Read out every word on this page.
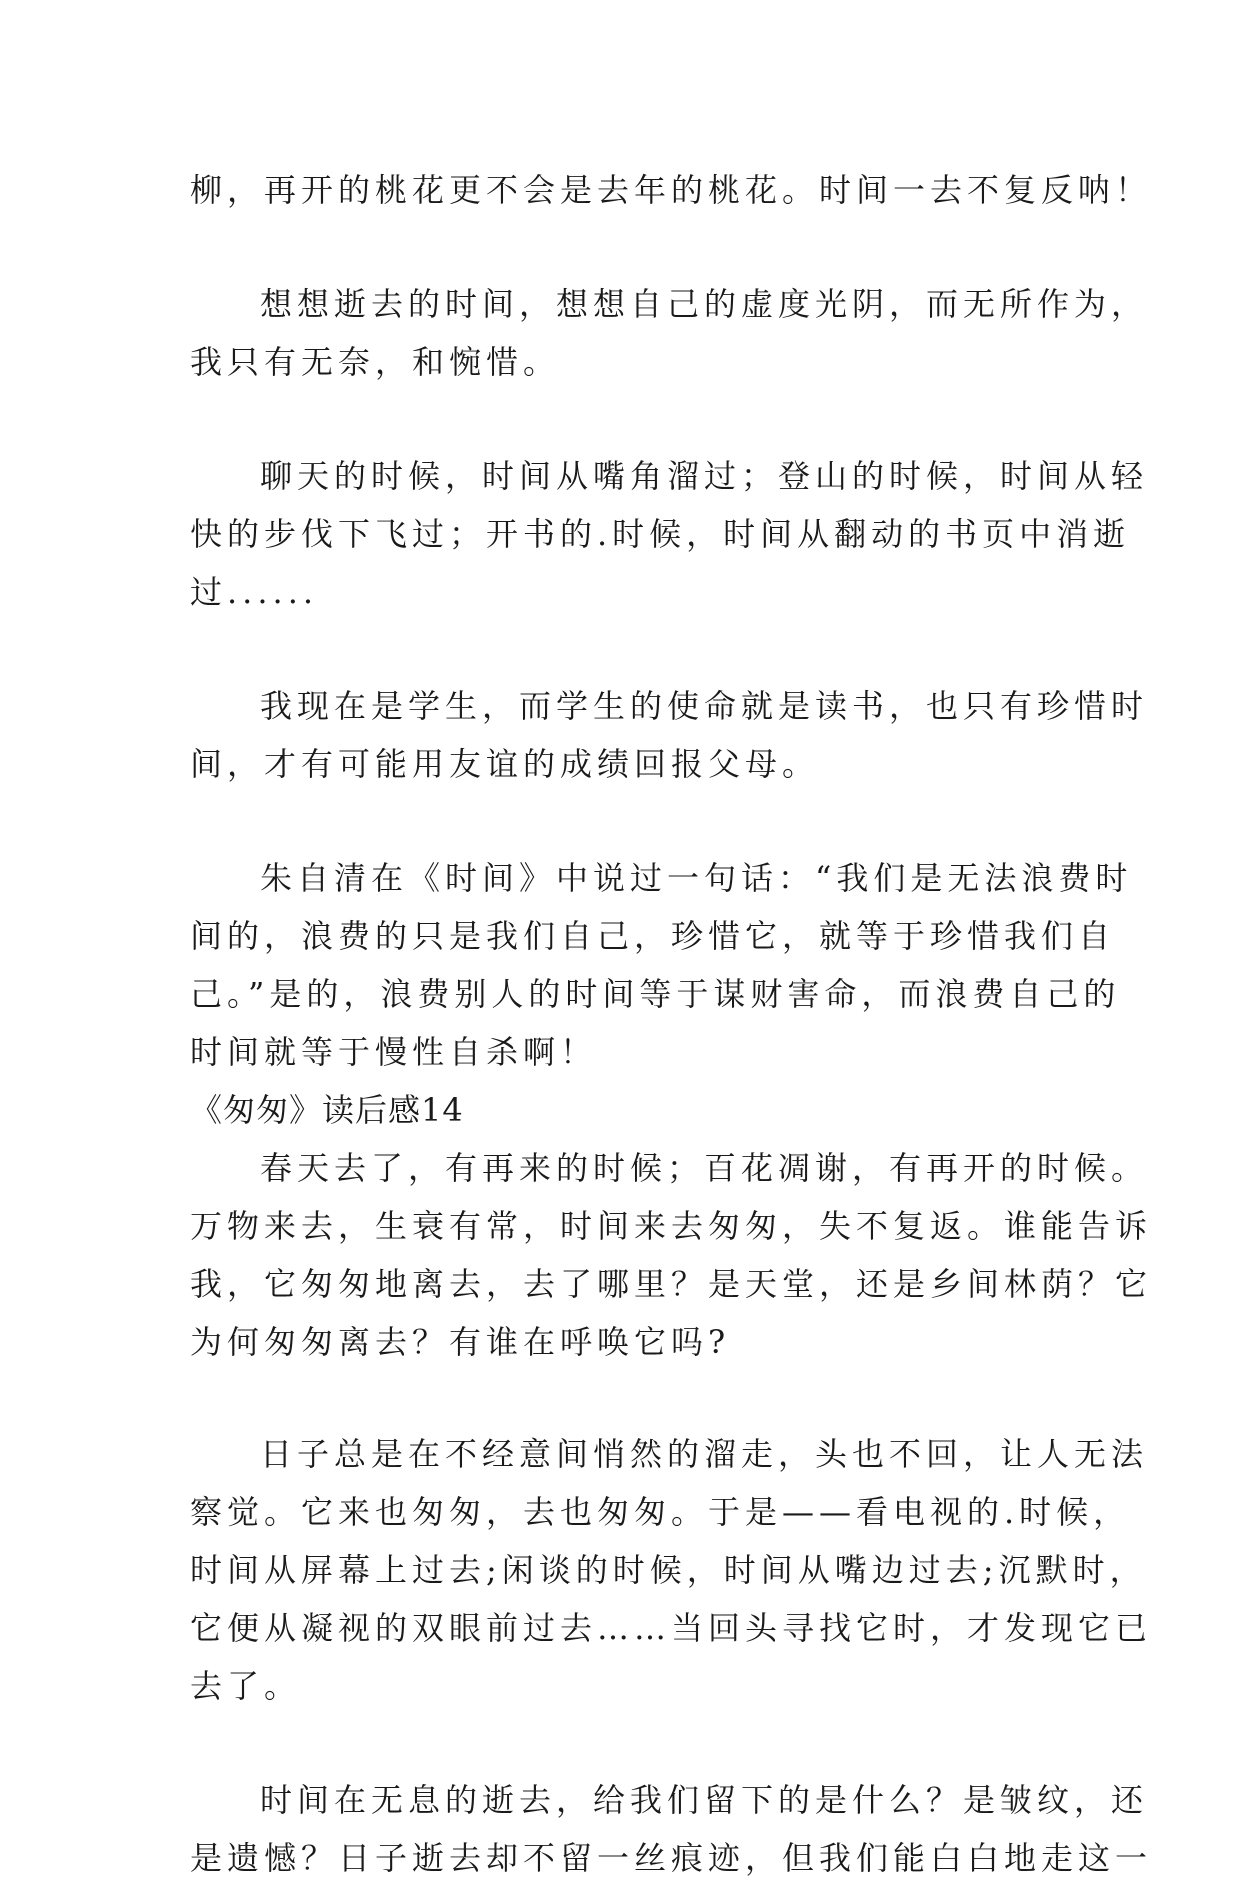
柳，再开的桃花更不会是去年的桃花。时间一去不复反呐！
想想逝去的时间，想想自己的虚度光阴，而无所作为，
我只有无奈，和惋惜。
聊天的时候，时间从嘴角溜过；登山的时候，时间从轻
快的步伐下飞过；开书的.时候，时间从翻动的书页中消逝
过......
我现在是学生，而学生的使命就是读书，也只有珍惜时
间，才有可能用友谊的成绩回报父母。
朱自清在《时间》中说过一句话：“我们是无法浪费时
间的，浪费的只是我们自己，珍惜它，就等于珍惜我们自
己。”是的，浪费别人的时间等于谋财害命，而浪费自己的
时间就等于慢性自杀啊！
《匆匆》读后感14
春天去了，有再来的时候；百花凋谢，有再开的时候。
万物来去，生衰有常，时间来去匆匆，失不复返。谁能告诉
我，它匆匆地离去，去了哪里？是天堂，还是乡间林荫？它
为何匆匆离去？有谁在呼唤它吗?
日子总是在不经意间悄然的溜走，头也不回，让人无法
察觉。它来也匆匆，去也匆匆。于是——看电视的.时候，
时间从屏幕上过去;闲谈的时候，时间从嘴边过去;沉默时，
它便从凝视的双眼前过去……当回头寻找它时，才发现它已
去了。
时间在无息的逝去，给我们留下的是什么？是皱纹，还
是遗憾？日子逝去却不留一丝痕迹，但我们能白白地走这一
